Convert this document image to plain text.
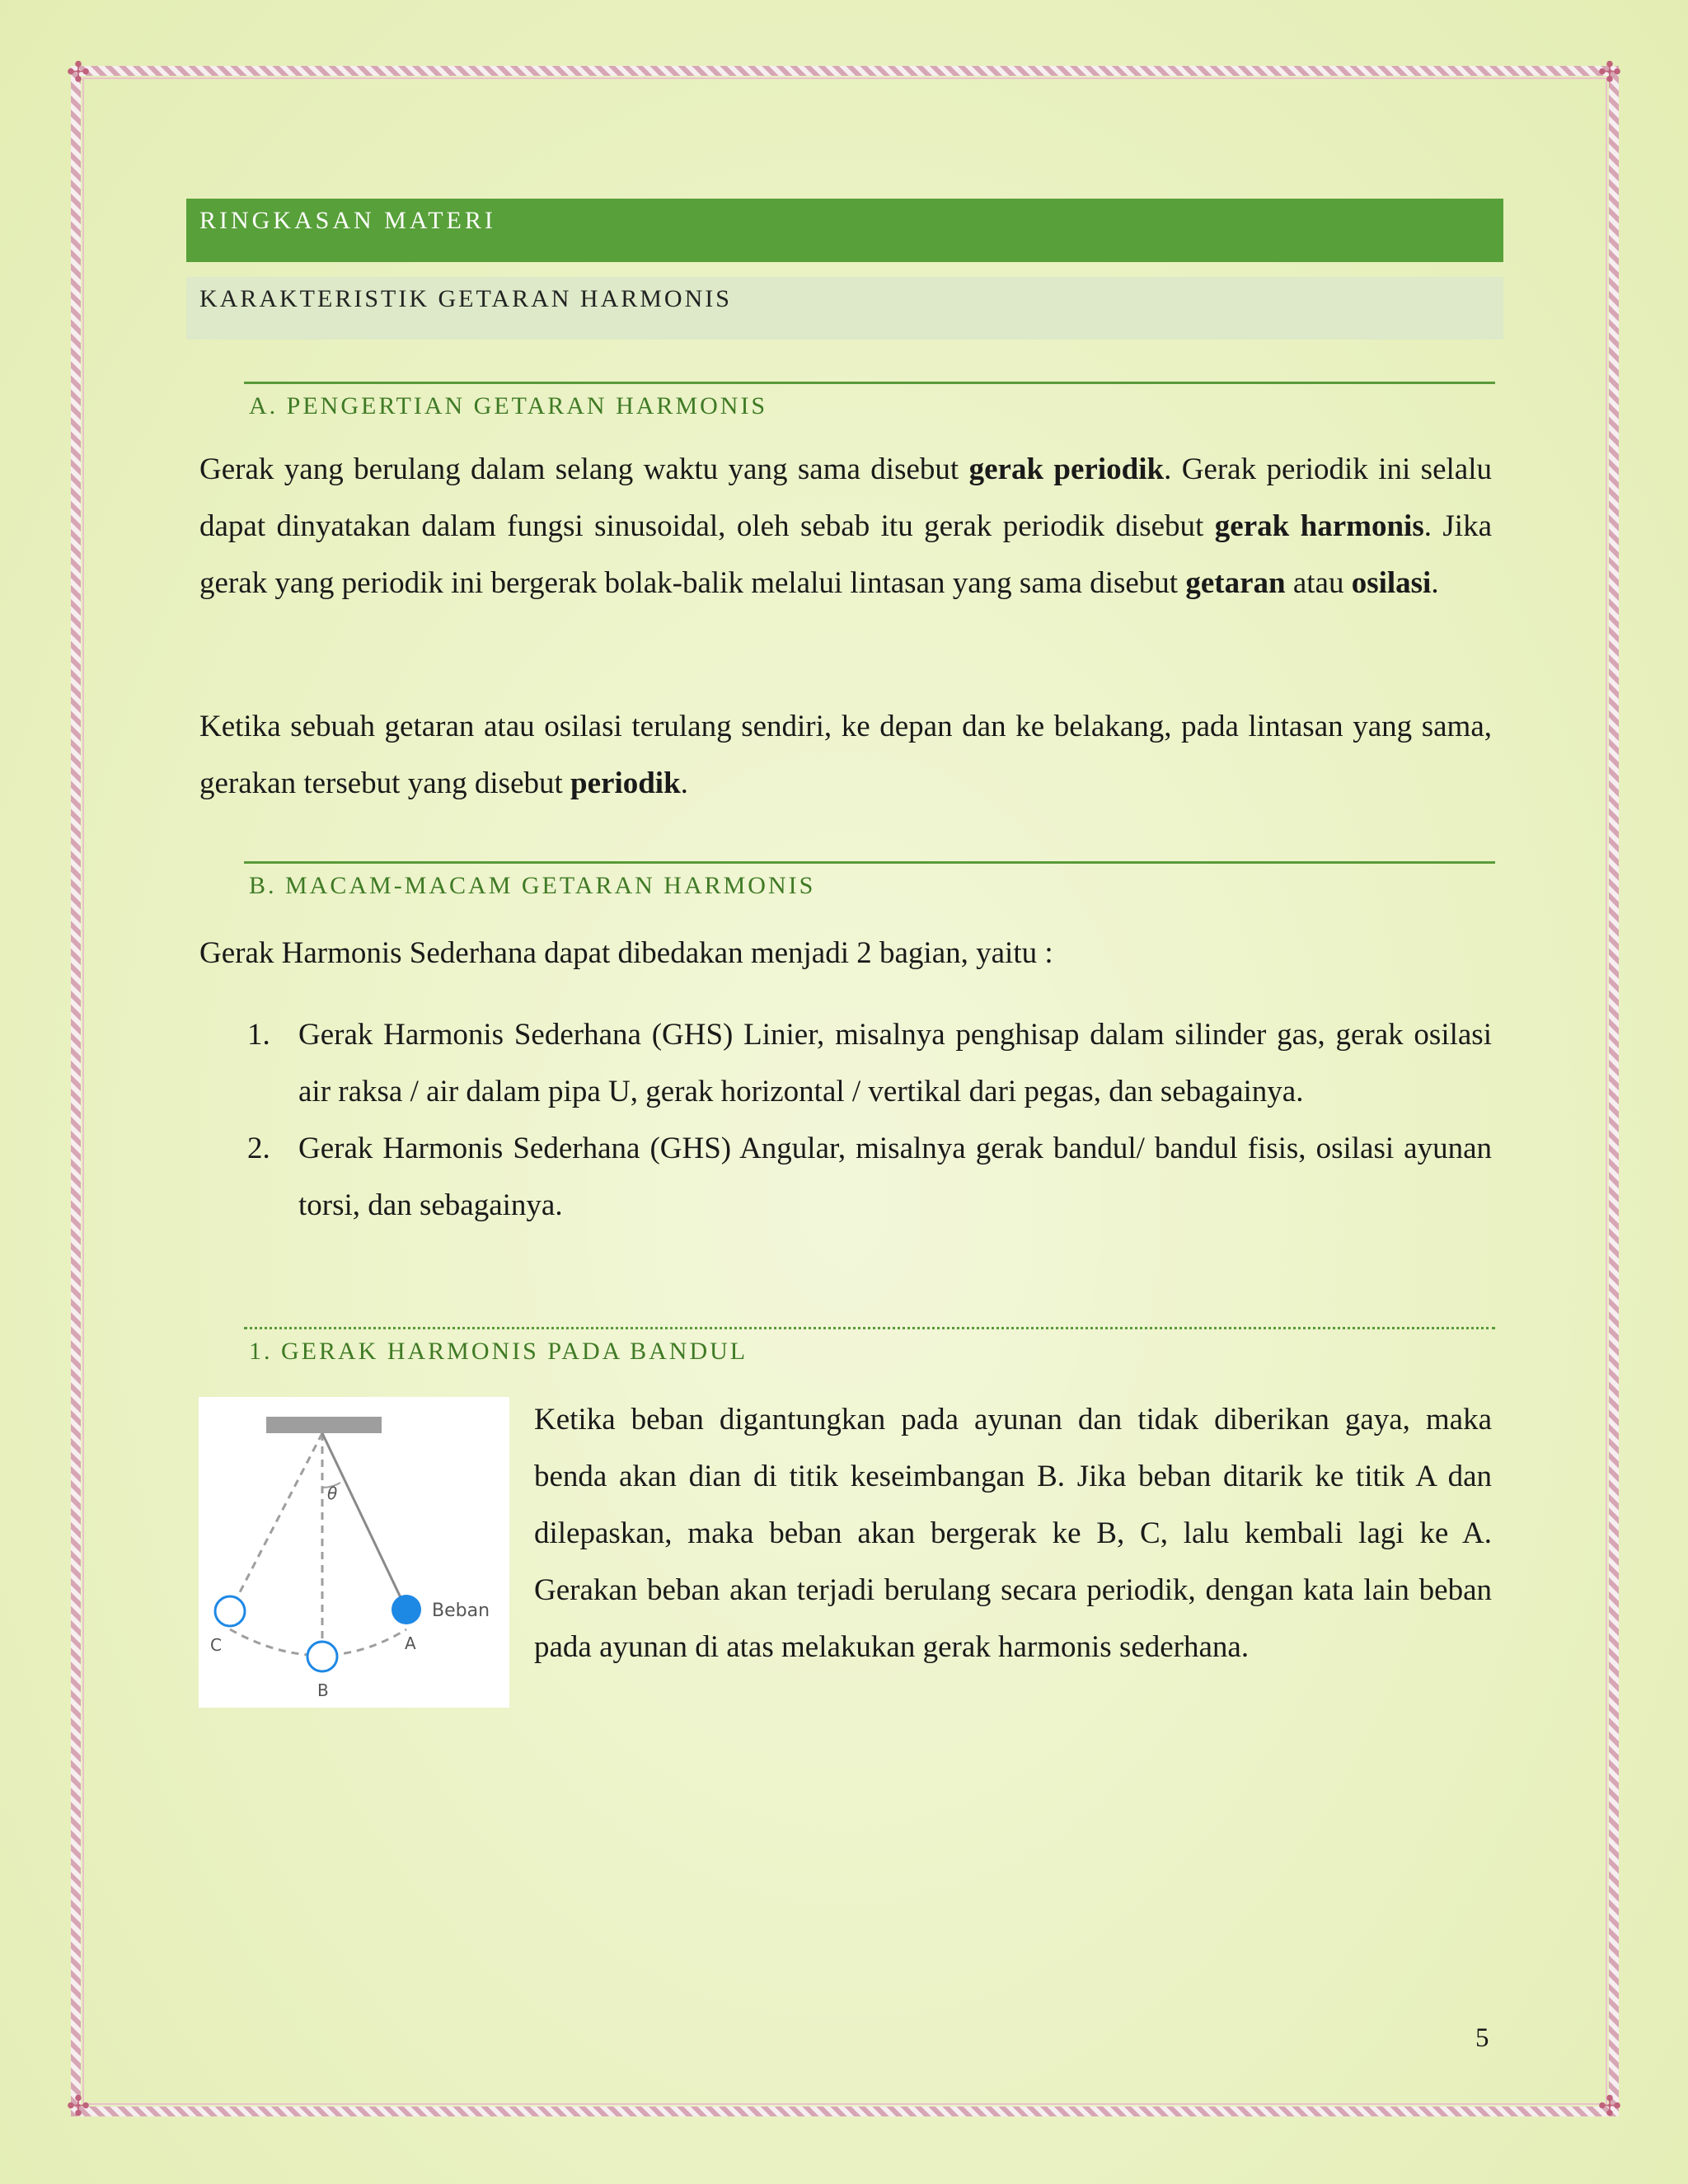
✣	✣
✣	✣
RINGKASAN MATERI
KARAKTERISTIK GETARAN HARMONIS
A. PENGERTIAN GETARAN HARMONIS

Gerak yang berulang dalam selang waktu yang sama disebut gerak periodik. Gerak periodik ini selalu dapat dinyatakan dalam fungsi sinusoidal, oleh sebab itu gerak periodik disebut gerak harmonis. Jika gerak yang periodik ini bergerak bolak-balik melalui lintasan yang sama disebut getaran atau osilasi.

Ketika sebuah getaran atau osilasi terulang sendiri, ke depan dan ke belakang, pada lintasan yang sama, gerakan tersebut yang disebut periodik.

B. MACAM-MACAM GETARAN HARMONIS

Gerak Harmonis Sederhana dapat dibedakan menjadi 2 bagian, yaitu :

1. Gerak Harmonis Sederhana (GHS) Linier, misalnya penghisap dalam silinder gas, gerak osilasi air raksa / air dalam pipa U, gerak horizontal / vertikal dari pegas, dan sebagainya.
2. Gerak Harmonis Sederhana (GHS) Angular, misalnya gerak bandul/ bandul fisis, osilasi ayunan torsi, dan sebagainya.
1. GERAK HARMONIS PADA BANDUL
θ
Beban
A
B
C

Ketika beban digantungkan pada ayunan dan tidak diberikan gaya, maka benda akan dian di titik keseimbangan B. Jika beban ditarik ke titik A dan dilepaskan, maka beban akan bergerak ke B, C, lalu kembali lagi ke A. Gerakan beban akan terjadi berulang secara periodik, dengan kata lain beban pada ayunan di atas melakukan gerak harmonis sederhana.

5
